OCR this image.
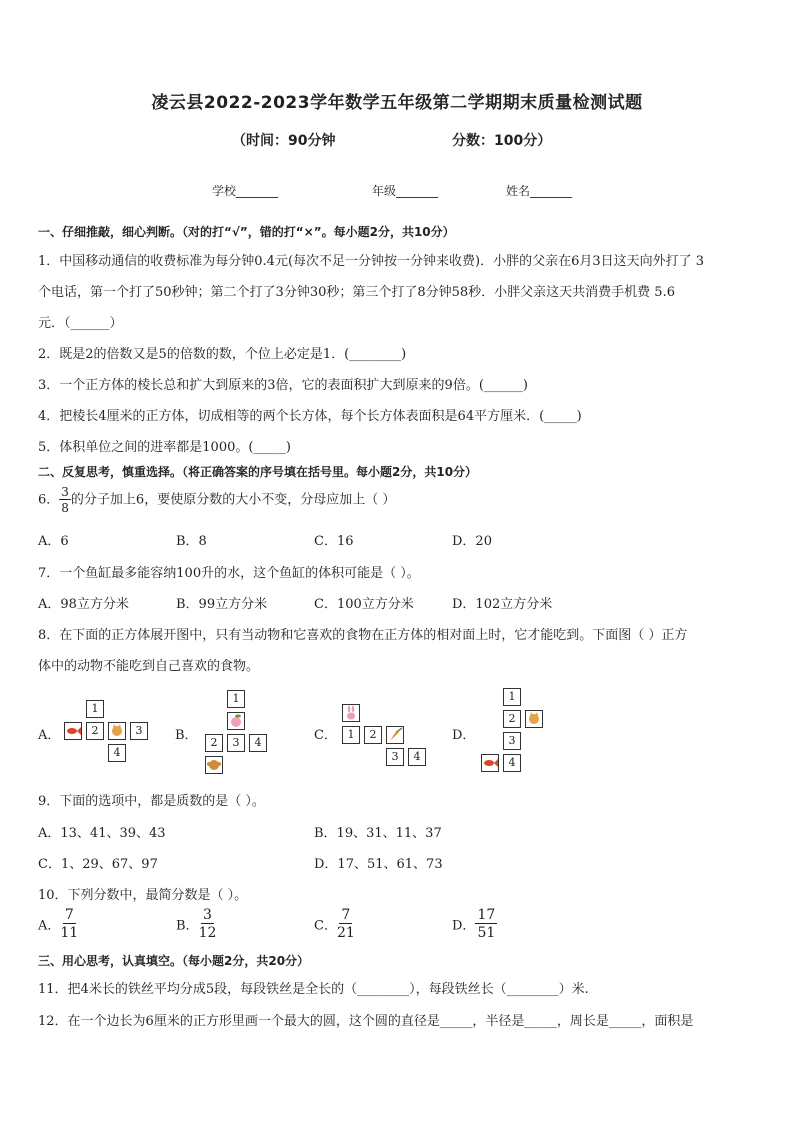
凌云县2022-2023学年数学五年级第二学期期末质量检测试题
（时间：90分钟	分数：100分）
学校_______	年级_______	姓名_______
一、仔细推敲，细心判断。（对的打“√”，错的打“×”。每小题2分，共10分）
1．中国移动通信的收费标准为每分钟0.4元(每次不足一分钟按一分钟来收费)．小胖的父亲在6月3日这天向外打了 3
个电话，第一个打了50秒钟；第二个打了3分钟30秒；第三个打了8分钟58秒．小胖父亲这天共消费手机费 5.6
元．（______）
2．既是2的倍数又是5的倍数的数，个位上必定是1．(________)
3．一个正方体的棱长总和扩大到原来的3倍，它的表面积扩大到原来的9倍。(______)
4．把棱长4厘米的正方体，切成相等的两个长方体，每个长方体表面积是64平方厘米．(_____)
5．体积单位之间的进率都是1000。(_____)
二、反复思考，慎重选择。（将正确答案的序号填在括号里。每小题2分，共10分）
6． $\frac{3}{8}$ 的分子加上6，要使原分数的大小不变，分母应加上（ ）
A．6	B．8	C．16	D．20
7．一个鱼缸最多能容纳100升的水，这个鱼缸的体积可能是（ ）。
A．98立方分米	B．99立方分米	C．100立方分米	D．102立方分米
8．在下面的正方体展开图中，只有当动物和它喜欢的食物在正方体的相对面上时，它才能吃到。下面图（ ）正方
体中的动物不能吃到自己喜欢的食物。
A．
1
2	3
4
B．
1
2	3	4	C． 1	2
3	4
D．
1
2
3
4
9．下面的选项中，都是质数的是（ ）。
A．13、41、39、43	B．19、31、11、37
C．1、29、67、97	D．17、51、61、73
10．下列分数中，最简分数是（ ）。
A． $\frac{7}{11}$	B． $\frac{3}{12}$	C． $\frac{7}{21}$	D． $\frac{17}{51}$
三、用心思考，认真填空。（每小题2分，共20分）
11．把4米长的铁丝平均分成5段，每段铁丝是全长的（________），每段铁丝长（________）米.
12．在一个边长为6厘米的正方形里画一个最大的圆，这个圆的直径是_____，半径是_____，周长是_____，面积是
